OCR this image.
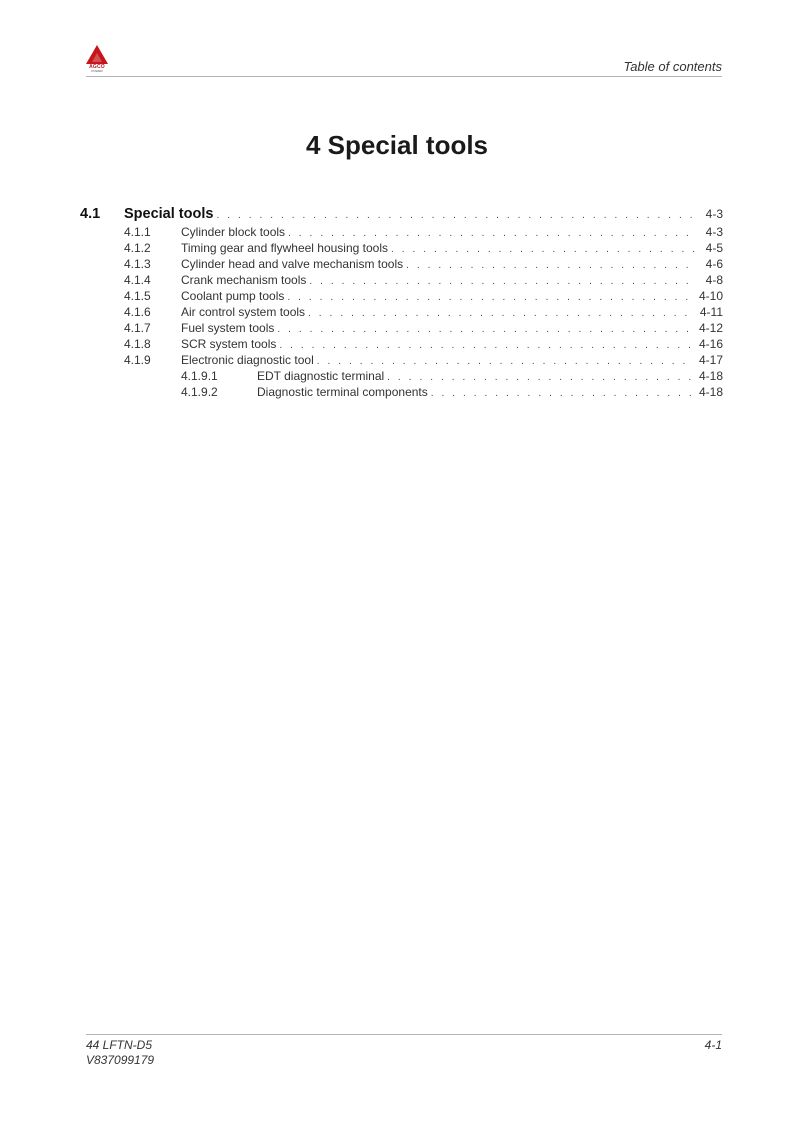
AGCO
POWER	Table of contents
4 Special tools
4.1	Special tools . . .	4-3
4.1.1	Cylinder block tools . . .	4-3
4.1.2	Timing gear and flywheel housing tools . . .	4-5
4.1.3	Cylinder head and valve mechanism tools . . .	4-6
4.1.4	Crank mechanism tools . . .	4-8
4.1.5	Coolant pump tools . . .	4-10
4.1.6	Air control system tools . . .	4-11
4.1.7	Fuel system tools . . .	4-12
4.1.8	SCR system tools . . .	4-16
4.1.9	Electronic diagnostic tool . . .	4-17
4.1.9.1	EDT diagnostic terminal . . .	4-18
4.1.9.2	Diagnostic terminal components . . .	4-18
44 LFTN-D5
V837099179
4-1
